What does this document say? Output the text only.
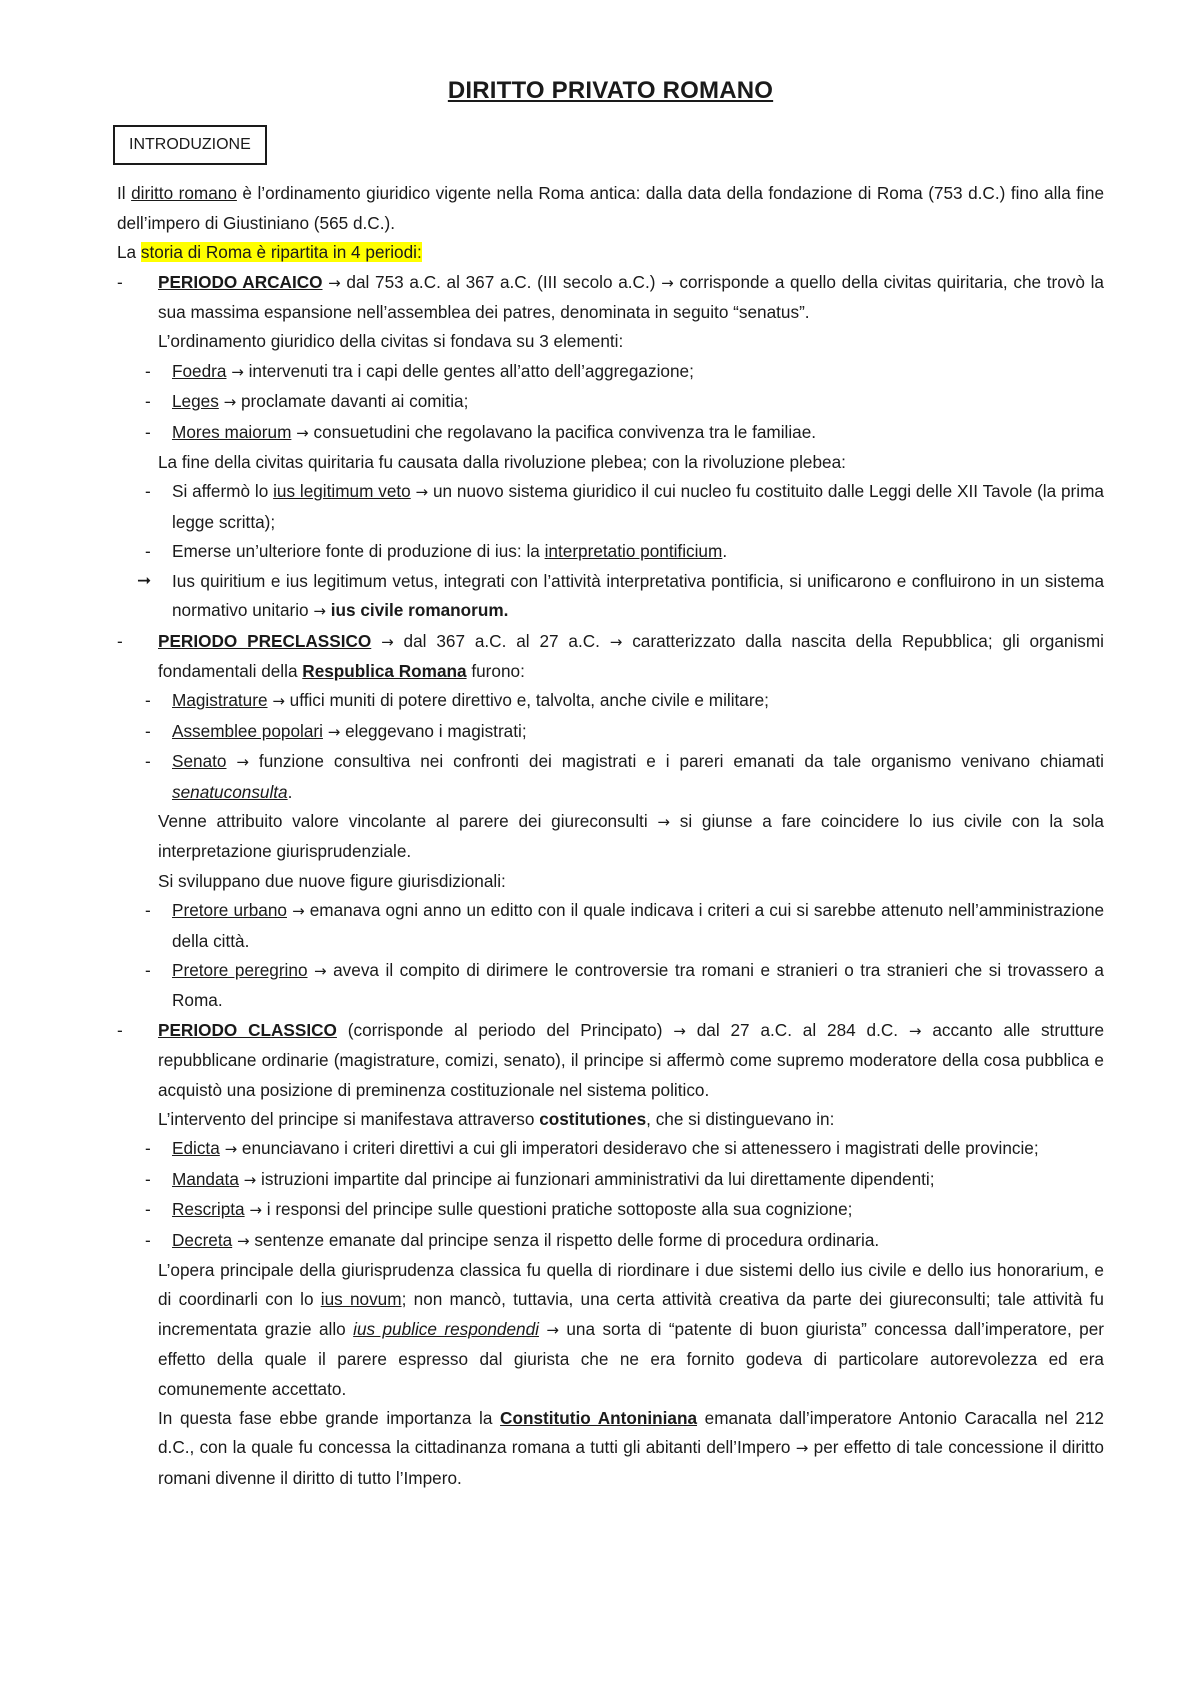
DIRITTO PRIVATO ROMANO
INTRODUZIONE

Il diritto romano è l’ordinamento giuridico vigente nella Roma antica: dalla data della fondazione di Roma (753 d.C.) fino alla fine dell’impero di Giustiniano (565 d.C.).

La storia di Roma è ripartita in 4 periodi:

- PERIODO ARCAICO → dal 753 a.C. al 367 a.C. (III secolo a.C.) → corrisponde a quello della civitas quiritaria, che trovò la sua massima espansione nell’assemblea dei patres, denominata in seguito “senatus”.
L’ordinamento giuridico della civitas si fondava su 3 elementi:
- Foedra → intervenuti tra i capi delle gentes all’atto dell’aggregazione;
- Leges → proclamate davanti ai comitia;
- Mores maiorum → consuetudini che regolavano la pacifica convivenza tra le familiae.
La fine della civitas quiritaria fu causata dalla rivoluzione plebea; con la rivoluzione plebea:
- Si affermò lo ius legitimum veto → un nuovo sistema giuridico il cui nucleo fu costituito dalle Leggi delle XII Tavole (la prima legge scritta);
- Emerse un’ulteriore fonte di produzione di ius: la interpretatio pontificium.
➞ Ius quiritium e ius legitimum vetus, integrati con l’attività interpretativa pontificia, si unificarono e confluirono in un sistema normativo unitario → ius civile romanorum.
- PERIODO PRECLASSICO → dal 367 a.C. al 27 a.C. → caratterizzato dalla nascita della Repubblica; gli organismi fondamentali della Respublica Romana furono:
- Magistrature → uffici muniti di potere direttivo e, talvolta, anche civile e militare;
- Assemblee popolari → eleggevano i magistrati;
- Senato → funzione consultiva nei confronti dei magistrati e i pareri emanati da tale organismo venivano chiamati senatuconsulta.
Venne attribuito valore vincolante al parere dei giureconsulti → si giunse a fare coincidere lo ius civile con la sola interpretazione giurisprudenziale.
Si sviluppano due nuove figure giurisdizionali:
- Pretore urbano → emanava ogni anno un editto con il quale indicava i criteri a cui si sarebbe attenuto nell’amministrazione della città.
- Pretore peregrino → aveva il compito di dirimere le controversie tra romani e stranieri o tra stranieri che si trovassero a Roma.
- PERIODO CLASSICO (corrisponde al periodo del Principato) → dal 27 a.C. al 284 d.C. → accanto alle strutture repubblicane ordinarie (magistrature, comizi, senato), il principe si affermò come supremo moderatore della cosa pubblica e acquistò una posizione di preminenza costituzionale nel sistema politico.
L’intervento del principe si manifestava attraverso costitutiones, che si distinguevano in:
- Edicta → enunciavano i criteri direttivi a cui gli imperatori desideravo che si attenessero i magistrati delle provincie;
- Mandata → istruzioni impartite dal principe ai funzionari amministrativi da lui direttamente dipendenti;
- Rescripta → i responsi del principe sulle questioni pratiche sottoposte alla sua cognizione;
- Decreta → sentenze emanate dal principe senza il rispetto delle forme di procedura ordinaria.
L’opera principale della giurisprudenza classica fu quella di riordinare i due sistemi dello ius civile e dello ius honorarium, e di coordinarli con lo ius novum; non mancò, tuttavia, una certa attività creativa da parte dei giureconsulti; tale attività fu incrementata grazie allo ius publice respondendi → una sorta di “patente di buon giurista” concessa dall’imperatore, per effetto della quale il parere espresso dal giurista che ne era fornito godeva di particolare autorevolezza ed era comunemente accettato.
In questa fase ebbe grande importanza la Constitutio Antoniniana emanata dall’imperatore Antonio Caracalla nel 212 d.C., con la quale fu concessa la cittadinanza romana a tutti gli abitanti dell’Impero → per effetto di tale concessione il diritto romani divenne il diritto di tutto l’Impero.
